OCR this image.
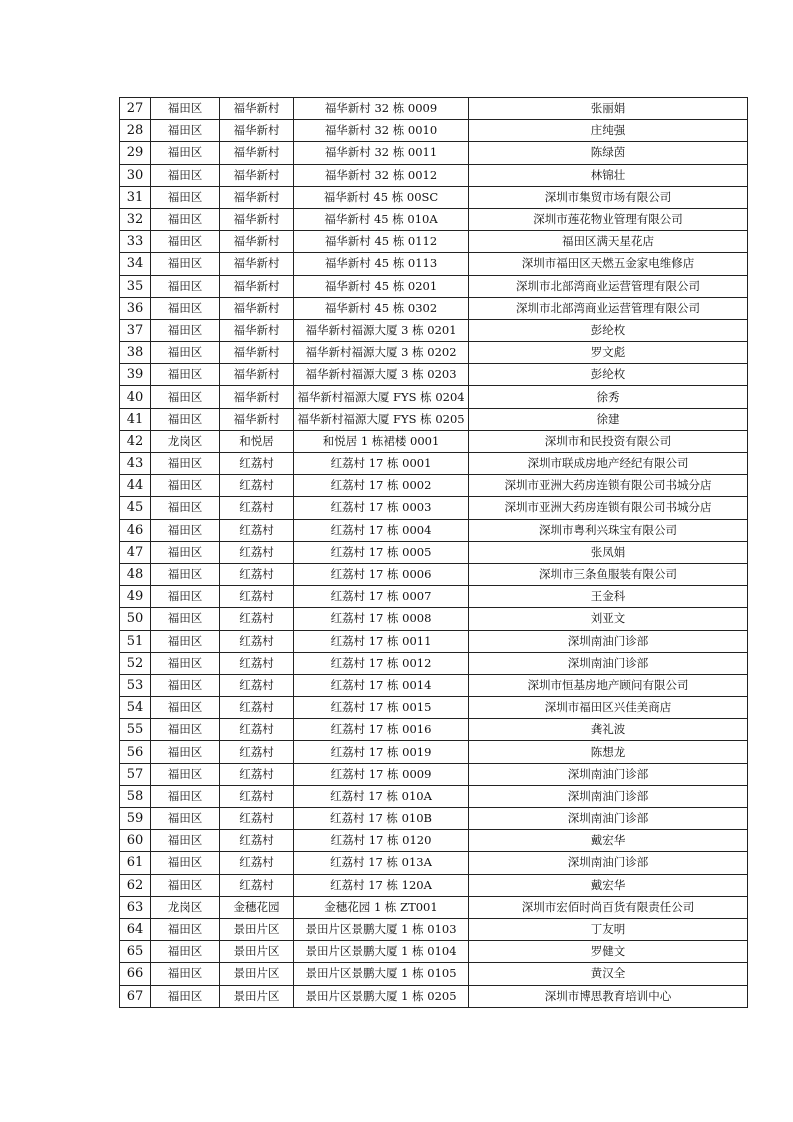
27	福田区	福华新村	福华新村 32 栋 0009	张丽娟
28	福田区	福华新村	福华新村 32 栋 0010	庄纯强
29	福田区	福华新村	福华新村 32 栋 0011	陈绿茵
30	福田区	福华新村	福华新村 32 栋 0012	林锦壮
31	福田区	福华新村	福华新村 45 栋 00SC	深圳市集贸市场有限公司
32	福田区	福华新村	福华新村 45 栋 010A	深圳市莲花物业管理有限公司
33	福田区	福华新村	福华新村 45 栋 0112	福田区满天星花店
34	福田区	福华新村	福华新村 45 栋 0113	深圳市福田区天燃五金家电维修店
35	福田区	福华新村	福华新村 45 栋 0201	深圳市北部湾商业运营管理有限公司
36	福田区	福华新村	福华新村 45 栋 0302	深圳市北部湾商业运营管理有限公司
37	福田区	福华新村	福华新村福源大厦 3 栋 0201	彭纶枚
38	福田区	福华新村	福华新村福源大厦 3 栋 0202	罗文彪
39	福田区	福华新村	福华新村福源大厦 3 栋 0203	彭纶枚
40	福田区	福华新村	福华新村福源大厦 FYS 栋 0204	徐秀
41	福田区	福华新村	福华新村福源大厦 FYS 栋 0205	徐建
42	龙岗区	和悦居	和悦居 1 栋裙楼 0001	深圳市和民投资有限公司
43	福田区	红荔村	红荔村 17 栋 0001	深圳市联成房地产经纪有限公司
44	福田区	红荔村	红荔村 17 栋 0002	深圳市亚洲大药房连锁有限公司书城分店
45	福田区	红荔村	红荔村 17 栋 0003	深圳市亚洲大药房连锁有限公司书城分店
46	福田区	红荔村	红荔村 17 栋 0004	深圳市粤利兴珠宝有限公司
47	福田区	红荔村	红荔村 17 栋 0005	张凤娟
48	福田区	红荔村	红荔村 17 栋 0006	深圳市三条鱼服装有限公司
49	福田区	红荔村	红荔村 17 栋 0007	王金科
50	福田区	红荔村	红荔村 17 栋 0008	刘亚文
51	福田区	红荔村	红荔村 17 栋 0011	深圳南油门诊部
52	福田区	红荔村	红荔村 17 栋 0012	深圳南油门诊部
53	福田区	红荔村	红荔村 17 栋 0014	深圳市恒基房地产顾问有限公司
54	福田区	红荔村	红荔村 17 栋 0015	深圳市福田区兴佳美商店
55	福田区	红荔村	红荔村 17 栋 0016	龚礼波
56	福田区	红荔村	红荔村 17 栋 0019	陈想龙
57	福田区	红荔村	红荔村 17 栋 0009	深圳南油门诊部
58	福田区	红荔村	红荔村 17 栋 010A	深圳南油门诊部
59	福田区	红荔村	红荔村 17 栋 010B	深圳南油门诊部
60	福田区	红荔村	红荔村 17 栋 0120	戴宏华
61	福田区	红荔村	红荔村 17 栋 013A	深圳南油门诊部
62	福田区	红荔村	红荔村 17 栋 120A	戴宏华
63	龙岗区	金穗花园	金穗花园 1 栋 ZT001	深圳市宏佰时尚百货有限责任公司
64	福田区	景田片区	景田片区景鹏大厦 1 栋 0103	丁友明
65	福田区	景田片区	景田片区景鹏大厦 1 栋 0104	罗健文
66	福田区	景田片区	景田片区景鹏大厦 1 栋 0105	黄汉全
67	福田区	景田片区	景田片区景鹏大厦 1 栋 0205	深圳市博思教育培训中心
